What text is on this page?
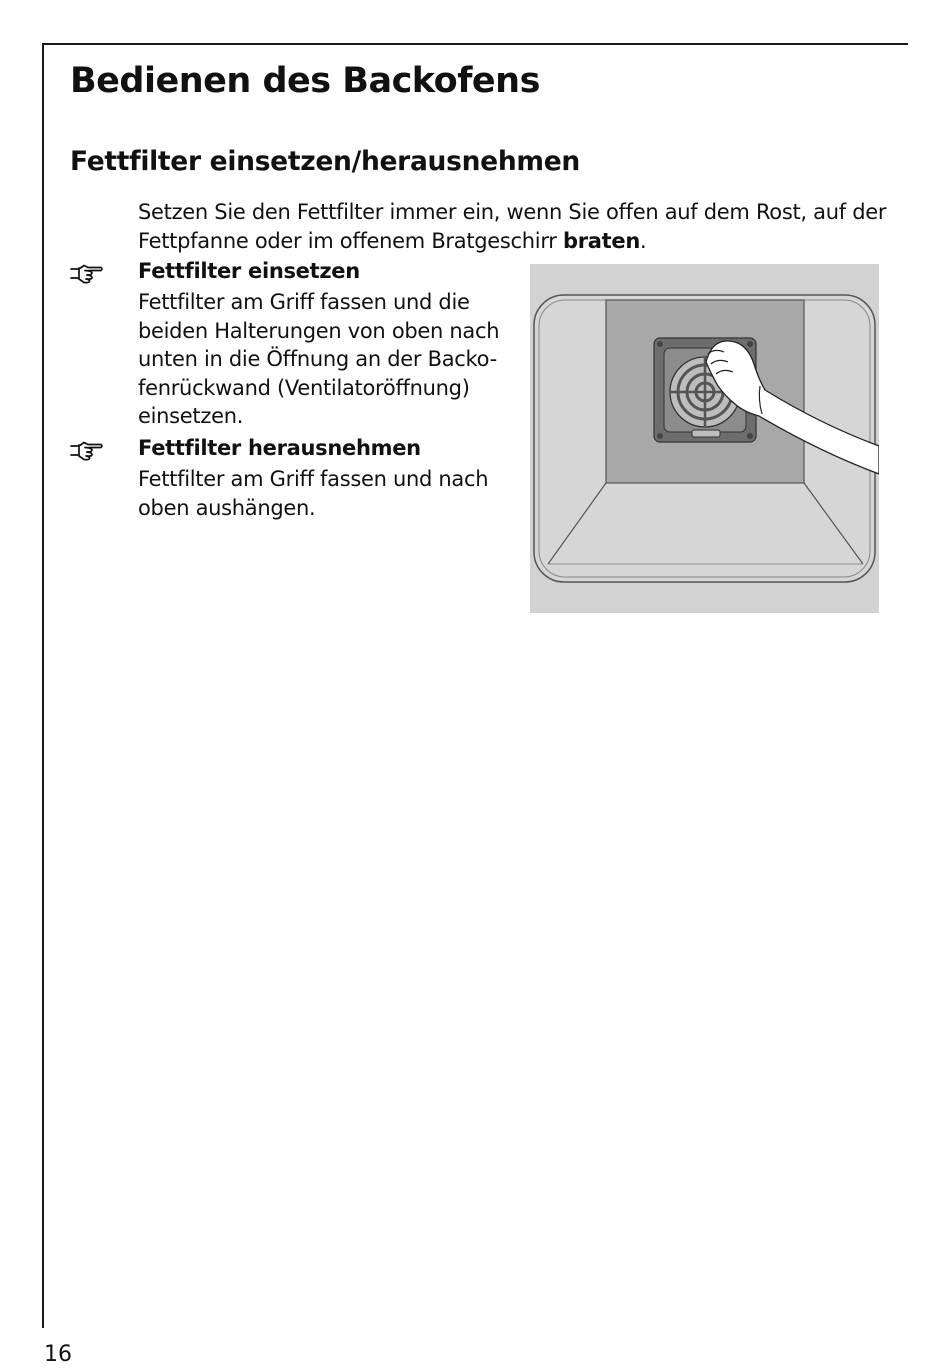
Bedienen des Backofens
Fettfilter einsetzen/herausnehmen

Setzen Sie den Fettfilter immer ein, wenn Sie offen auf dem Rost, auf der Fettpfanne oder im offenem Bratgeschirr braten.

Fettfilter einsetzen

Fettfilter am Griff fassen und die
beiden Halterungen von oben nach
unten in die Öffnung an der Backo-
fenrückwand (Ventilatoröffnung)
einsetzen.

Fettfilter herausnehmen

Fettfilter am Griff fassen und nach
oben aushängen.
16
